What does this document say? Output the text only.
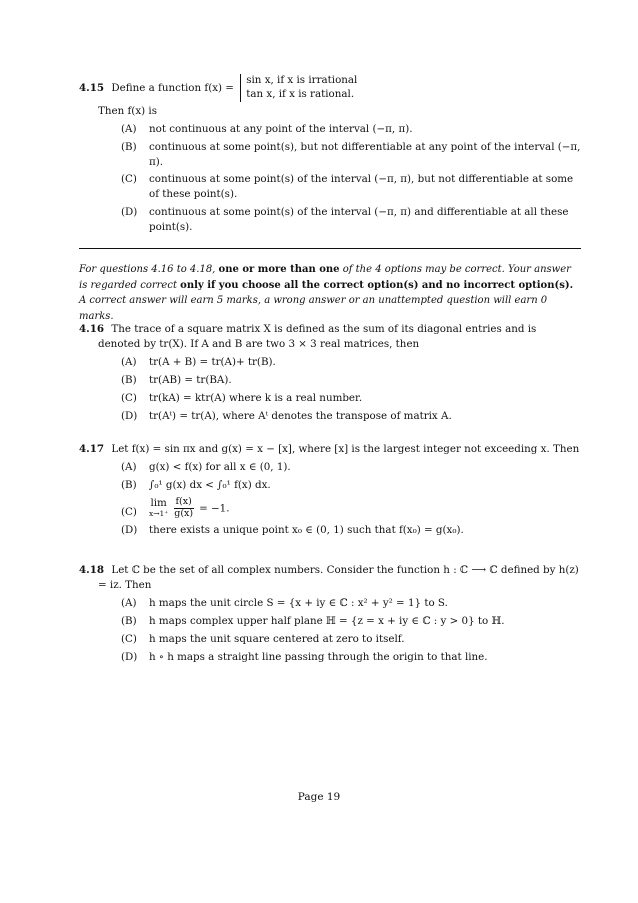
4.15 Define a function f(x) =
sin x, if x is irrational
tan x, if x is rational.
Then f(x) is
(A) not continuous at any point of the interval (−π, π).
(B) continuous at some point(s), but not differentiable at any point of the interval (−π, π).
(C) continuous at some point(s) of the interval (−π, π), but not differentiable at some of these point(s).
(D) continuous at some point(s) of the interval (−π, π) and differentiable at all these point(s).
For questions 4.16 to 4.18, one or more than one of the 4 options may be correct. Your answer is regarded correct only if you choose all the correct option(s) and no incorrect option(s). A correct answer will earn 5 marks, a wrong answer or an unattempted question will earn 0 marks.
4.16 The trace of a square matrix X is defined as the sum of its diagonal entries and is denoted by tr(X). If A and B are two 3 × 3 real matrices, then
(A) tr(A + B) = tr(A)+ tr(B).
(B) tr(AB) = tr(BA).
(C) tr(kA) = ktr(A) where k is a real number.
(D) tr(Aᵗ) = tr(A), where Aᵗ denotes the transpose of matrix A.
4.17 Let f(x) = sin πx and g(x) = x − [x], where [x] is the largest integer not exceeding x. Then
(A) g(x) < f(x) for all x ∈ (0, 1).
(B) ∫₀¹ g(x) dx < ∫₀¹ f(x) dx.
(C)
lim
x→1⁺
$\frac{f(x)}{g(x)} = -1$.
(D) there exists a unique point x₀ ∈ (0, 1) such that f(x₀) = g(x₀).
4.18 Let ℂ be the set of all complex numbers. Consider the function h : ℂ ⟶ ℂ defined by h(z) = iz. Then
(A) h maps the unit circle S = {x + iy ∈ ℂ : x² + y² = 1} to S.
(B) h maps complex upper half plane ℍ = {z = x + iy ∈ ℂ : y > 0} to ℍ.
(C) h maps the unit square centered at zero to itself.
(D) h ∘ h maps a straight line passing through the origin to that line.
Page 19
